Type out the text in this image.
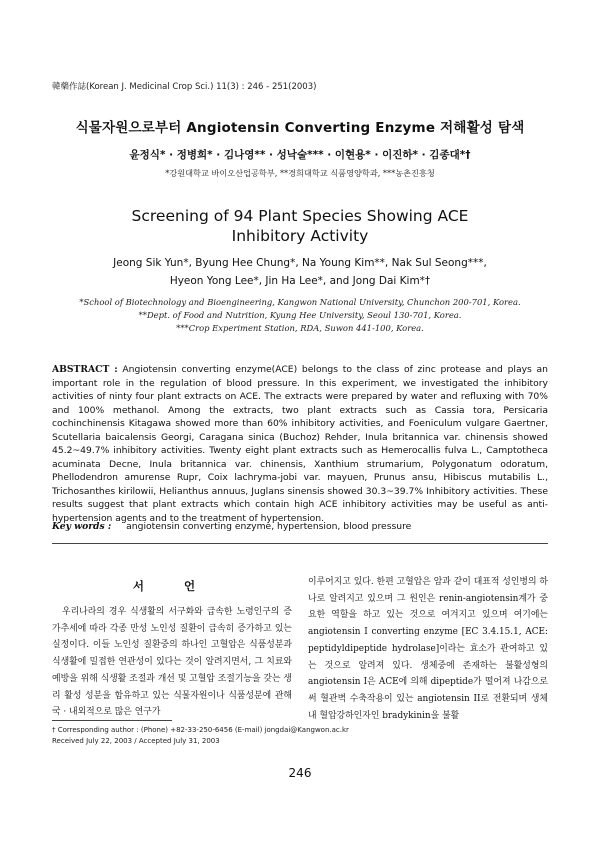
韓藥作誌(Korean J. Medicinal Crop Sci.) 11(3) : 246 - 251(2003)
식물자원으로부터 Angiotensin Converting Enzyme 저해활성 탐색
윤정식* · 정병희* · 김나영** · 성낙술*** · 이현용* · 이진하* · 김종대*†
*강원대학교 바이오산업공학부, **경희대학교 식품영양학과, ***농촌진흥청
Screening of 94 Plant Species Showing ACE
Inhibitory Activity
Jeong Sik Yun*, Byung Hee Chung*, Na Young Kim**, Nak Sul Seong***,
Hyeon Yong Lee*, Jin Ha Lee*, and Jong Dai Kim*†
*School of Biotechnology and Bioengineering, Kangwon National University, Chunchon 200-701, Korea.
**Dept. of Food and Nutrition, Kyung Hee University, Seoul 130-701, Korea.
***Crop Experiment Station, RDA, Suwon 441-100, Korea.
ABSTRACT : Angiotensin converting enzyme(ACE) belongs to the class of zinc protease and plays an important role in the regulation of blood pressure. In this experiment, we investigated the inhibitory activities of ninty four plant extracts on ACE. The extracts were prepared by water and refluxing with 70% and 100% methanol. Among the extracts, two plant extracts such as Cassia tora, Persicaria cochinchinensis Kitagawa showed more than 60% inhibitory activities, and Foeniculum vulgare Gaertner, Scutellaria baicalensis Georgi, Caragana sinica (Buchoz) Rehder, Inula britannica var. chinensis showed 45.2~49.7% inhibitory activities. Twenty eight plant extracts such as Hemerocallis fulva L., Camptotheca acuminata Decne, Inula britannica var. chinensis, Xanthium strumarium, Polygonatum odoratum, Phellodendron amurense Rupr, Coix lachryma-jobi var. mayuen, Prunus ansu, Hibiscus mutabilis L., Trichosanthes kirilowii, Helianthus annuus, Juglans sinensis showed 30.3~39.7% Inhibitory activities. These results suggest that plant extracts which contain high ACE inhibitory activities may be useful as anti-hypertension agents and to the treatment of hypertension.
Key words : angiotensin converting enzyme, hypertension, blood pressure
서 언

우리나라의 경우 식생활의 서구화와 급속한 노령인구의 증가추세에 따라 각종 만성 노인성 질환이 급속히 증가하고 있는 실정이다. 이들 노인성 질환중의 하나인 고혈압은 식품성분과 식생활에 밀접한 연관성이 있다는 것이 알려지면서, 그 치료와 예방을 위해 식생활 조절과 개선 및 고혈압 조절기능을 갖는 생리 활성 성분을 함유하고 있는 식물자원이나 식품성분에 관해 국 · 내외적으로 많은 연구가

이루어지고 있다. 한편 고혈압은 암과 같이 대표적 성인병의 하나로 알려지고 있으며 그 원인은 renin-angiotensin계가 중요한 역할을 하고 있는 것으로 여겨지고 있으며 여기에는 angiotensin I converting enzyme [EC 3.4.15.1, ACE: peptidyldipeptide hydrolase]이라는 효소가 관여하고 있는 것으로 알려져 있다. 생체중에 존재하는 불활성형의 angiotensin I은 ACE에 의해 dipeptide가 떨어져 나감으로써 혈관벽 수축작용이 있는 angiotensin II로 전환되며 생체내 혈압강하인자인 bradykinin을 불활

† Corresponding author : (Phone) +82-33-250-6456 (E-mail) jongdai@Kangwon.ac.kr
Received July 22, 2003 / Accepted July 31, 2003
246
